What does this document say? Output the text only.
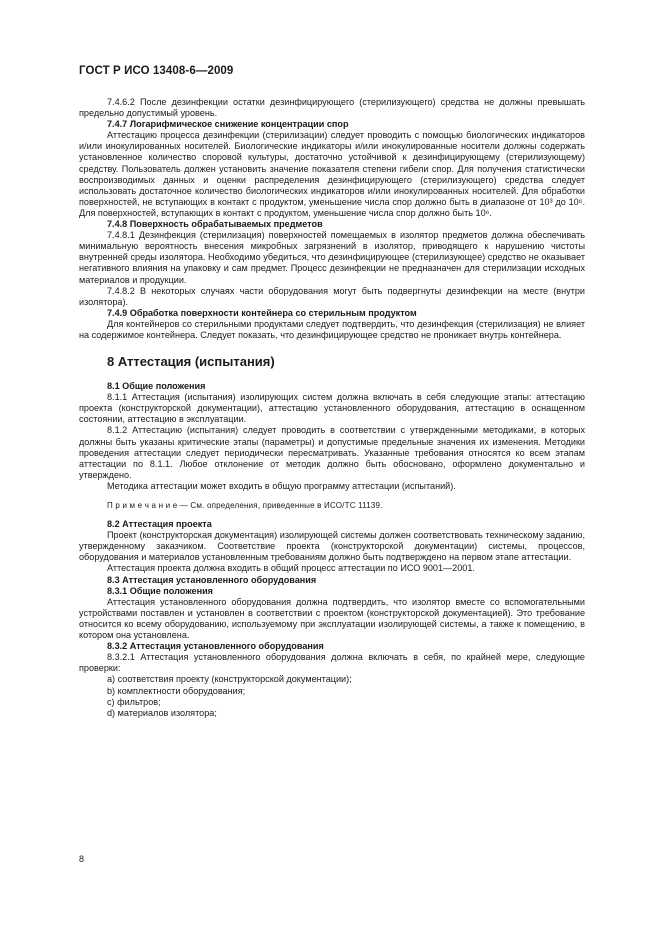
ГОСТ Р ИСО 13408-6—2009

7.4.6.2 После дезинфекции остатки дезинфицирующего (стерилизующего) средства не должны превышать предельно допустимый уровень.

7.4.7 Логарифмическое снижение концентрации спор

Аттестацию процесса дезинфекции (стерилизации) следует проводить с помощью биологических индикаторов и/или инокулированных носителей. Биологические индикаторы и/или инокулированные носители должны содержать установленное количество споровой культуры, достаточно устойчивой к дезинфицирующему (стерилизующему) средству. Пользователь должен установить значение показателя степени гибели спор. Для получения статистически воспроизводимых данных и оценки распределения дезинфицирующего (стерилизующего) средства следует использовать достаточное количество биологических индикаторов и/или инокулированных носителей. Для обработки поверхностей, не вступающих в контакт с продуктом, уменьшение числа спор должно быть в диапазоне от 10³ до 10⁶. Для поверхностей, вступающих в контакт с продуктом, уменьшение числа спор должно быть 10⁶.

7.4.8 Поверхность обрабатываемых предметов

7.4.8.1 Дезинфекция (стерилизация) поверхностей помещаемых в изолятор предметов должна обеспечивать минимальную вероятность внесения микробных загрязнений в изолятор, приводящего к нарушению чистоты внутренней среды изолятора. Необходимо убедиться, что дезинфицирующее (стерилизующее) средство не оказывает негативного влияния на упаковку и сам предмет. Процесс дезинфекции не предназначен для стерилизации исходных материалов и продукции.

7.4.8.2 В некоторых случаях части оборудования могут быть подвергнуты дезинфекции на месте (внутри изолятора).

7.4.9 Обработка поверхности контейнера со стерильным продуктом

Для контейнеров со стерильными продуктами следует подтвердить, что дезинфекция (стерилизация) не влияет на содержимое контейнера. Следует показать, что дезинфицирующее средство не проникает внутрь контейнера.

8 Аттестация (испытания)

8.1 Общие положения

8.1.1 Аттестация (испытания) изолирующих систем должна включать в себя следующие этапы: аттестацию проекта (конструкторской документации), аттестацию установленного оборудования, аттестацию в оснащенном состоянии, аттестацию в эксплуатации.

8.1.2 Аттестацию (испытания) следует проводить в соответствии с утвержденными методиками, в которых должны быть указаны критические этапы (параметры) и допустимые предельные значения их изменения. Методики проведения аттестации следует периодически пересматривать. Указанные требования относятся ко всем этапам аттестации по 8.1.1. Любое отклонение от методик должно быть обосновано, оформлено документально и утверждено.

Методика аттестации может входить в общую программу аттестации (испытаний).

П р и м е ч а н и е — См. определения, приведенные в ИСО/ТС 11139.

8.2 Аттестация проекта

Проект (конструкторская документация) изолирующей системы должен соответствовать техническому заданию, утвержденному заказчиком. Соответствие проекта (конструкторской документации) системы, процессов, оборудования и материалов установленным требованиям должно быть подтверждено на первом этапе аттестации.

Аттестация проекта должна входить в общий процесс аттестации по ИСО 9001—2001.

8.3 Аттестация установленного оборудования

8.3.1 Общие положения

Аттестация установленного оборудования должна подтвердить, что изолятор вместе со вспомогательными устройствами поставлен и установлен в соответствии с проектом (конструкторской документацией). Это требование относится ко всему оборудованию, используемому при эксплуатации изолирующей системы, а также к помещению, в котором она установлена.

8.3.2 Аттестация установленного оборудования

8.3.2.1 Аттестация установленного оборудования должна включать в себя, по крайней мере, следующие проверки:

a) соответствия проекту (конструкторской документации);

b) комплектности оборудования;

c) фильтров;

d) материалов изолятора;

8
